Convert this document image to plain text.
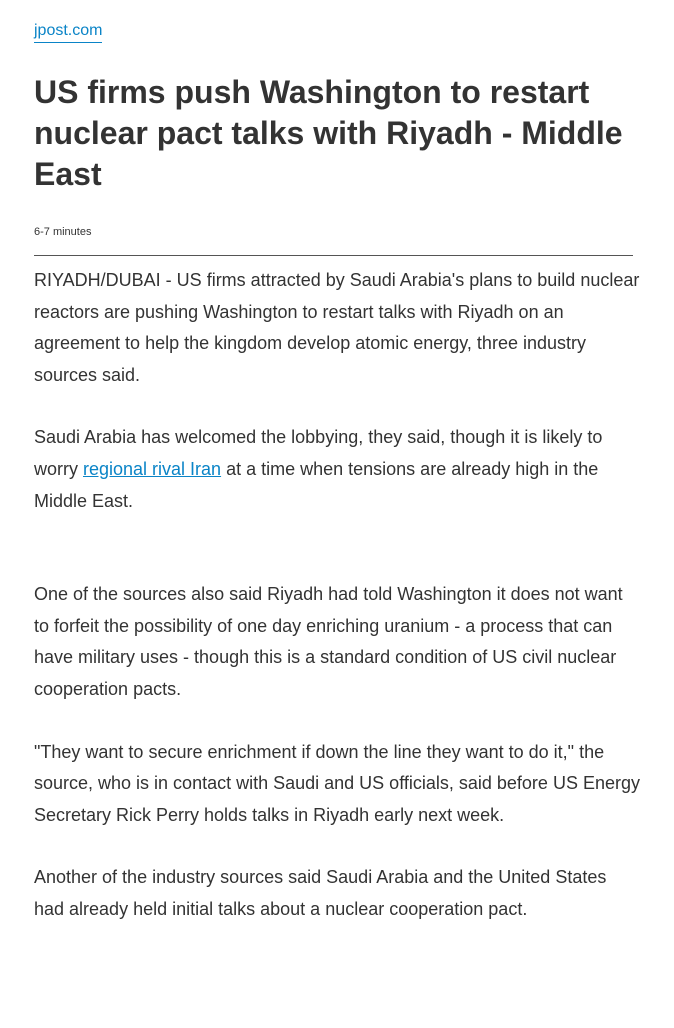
jpost.com
US firms push Washington to restart nuclear pact talks with Riyadh - Middle East
6-7 minutes

RIYADH/DUBAI - US firms attracted by Saudi Arabia's plans to build nuclear reactors are pushing Washington to restart talks with Riyadh on an agreement to help the kingdom develop atomic energy, three industry sources said.

Saudi Arabia has welcomed the lobbying, they said, though it is likely to worry regional rival Iran at a time when tensions are already high in the Middle East.

One of the sources also said Riyadh had told Washington it does not want to forfeit the possibility of one day enriching uranium - a process that can have military uses - though this is a standard condition of US civil nuclear cooperation pacts.

"They want to secure enrichment if down the line they want to do it," the source, who is in contact with Saudi and US officials, said before US Energy Secretary Rick Perry holds talks in Riyadh early next week.

Another of the industry sources said Saudi Arabia and the United States had already held initial talks about a nuclear cooperation pact.
